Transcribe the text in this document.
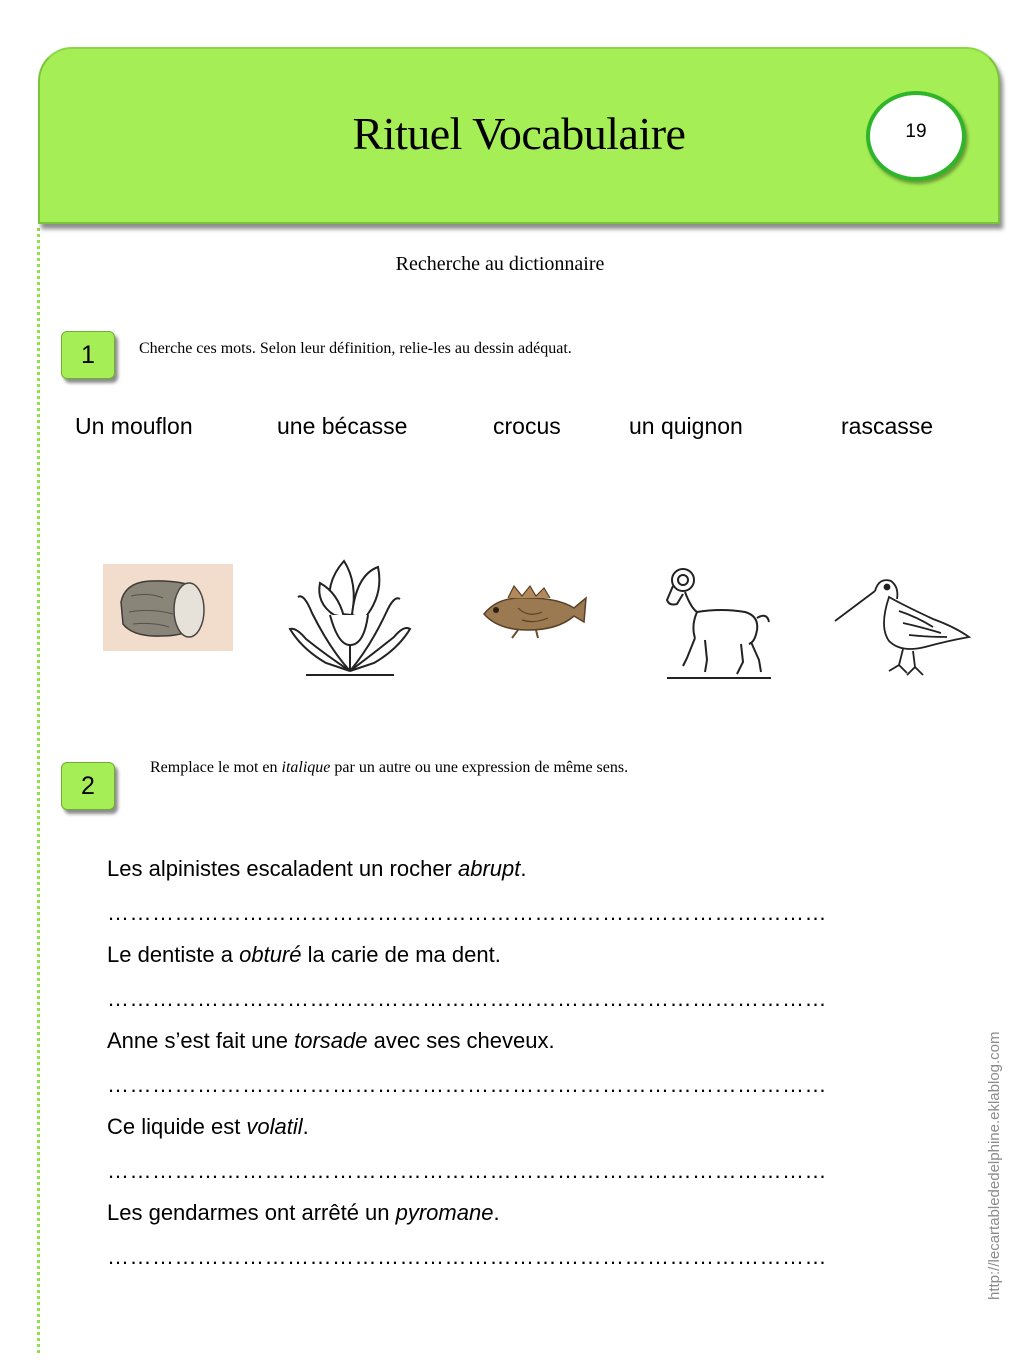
Rituel Vocabulaire	19
Recherche au dictionnaire
1	Cherche ces mots. Selon leur définition, relie-les au dessin adéquat.
Un mouflon	une bécasse	crocus	un quignon	rascasse
2
Remplace le mot en italique par un autre ou une expression de même sens.
Les alpinistes escaladent un rocher abrupt.
……………………………………………………………………………………
Le dentiste a obturé la carie de ma dent.
……………………………………………………………………………………
Anne s’est fait une torsade avec ses cheveux.
……………………………………………………………………………………
Ce liquide est volatil.
……………………………………………………………………………………
Les gendarmes ont arrêté un pyromane.
……………………………………………………………………………………	http://lecartablededelphine.eklablog.com
